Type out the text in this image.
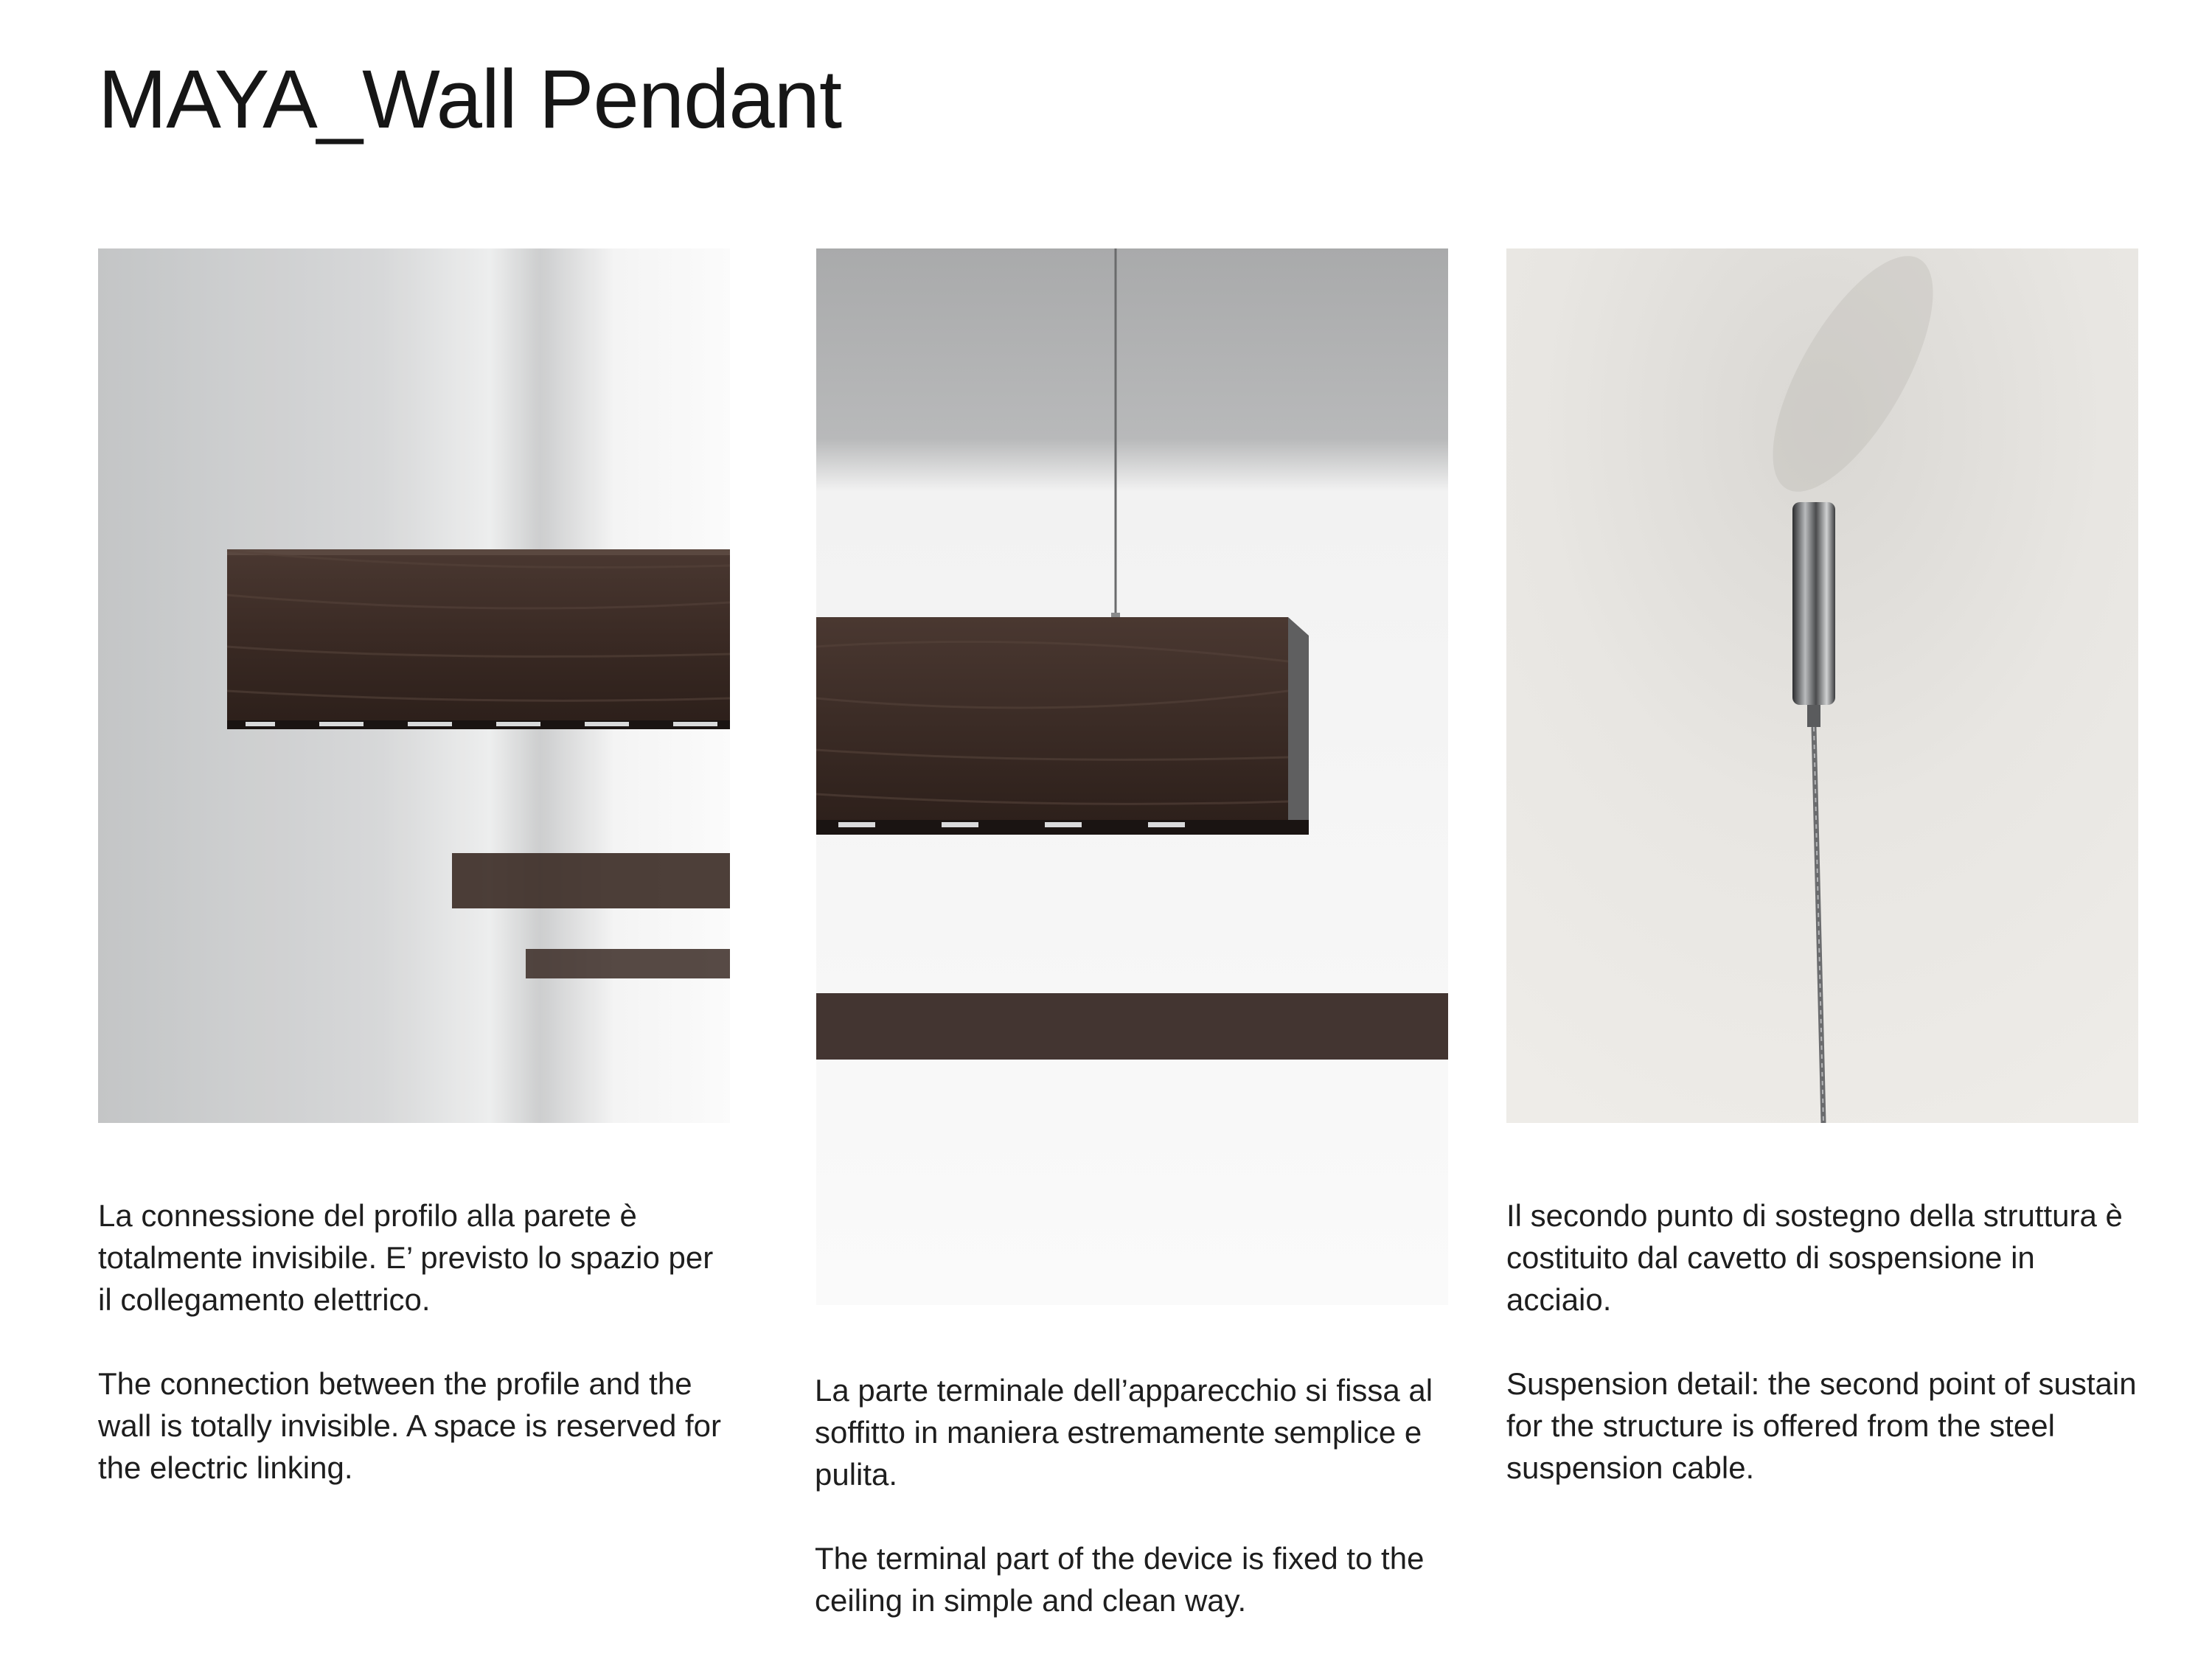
MAYA_Wall Pendant

La connessione del profilo alla parete è totalmente invisibile. E’ previsto lo spazio per il collegamento elettrico.

The connection between the profile and the wall is totally invisible. A space is reserved for the electric linking.

La parte terminale dell’apparecchio si fissa al soffitto in maniera estremamente semplice e pulita.

The terminal part of the device is fixed to the ceiling in simple and clean way.

Il secondo punto di sostegno della struttura è costituito dal cavetto di sospensione in acciaio.

Suspension detail: the second point of sustain for the structure is offered from the steel suspension cable.
